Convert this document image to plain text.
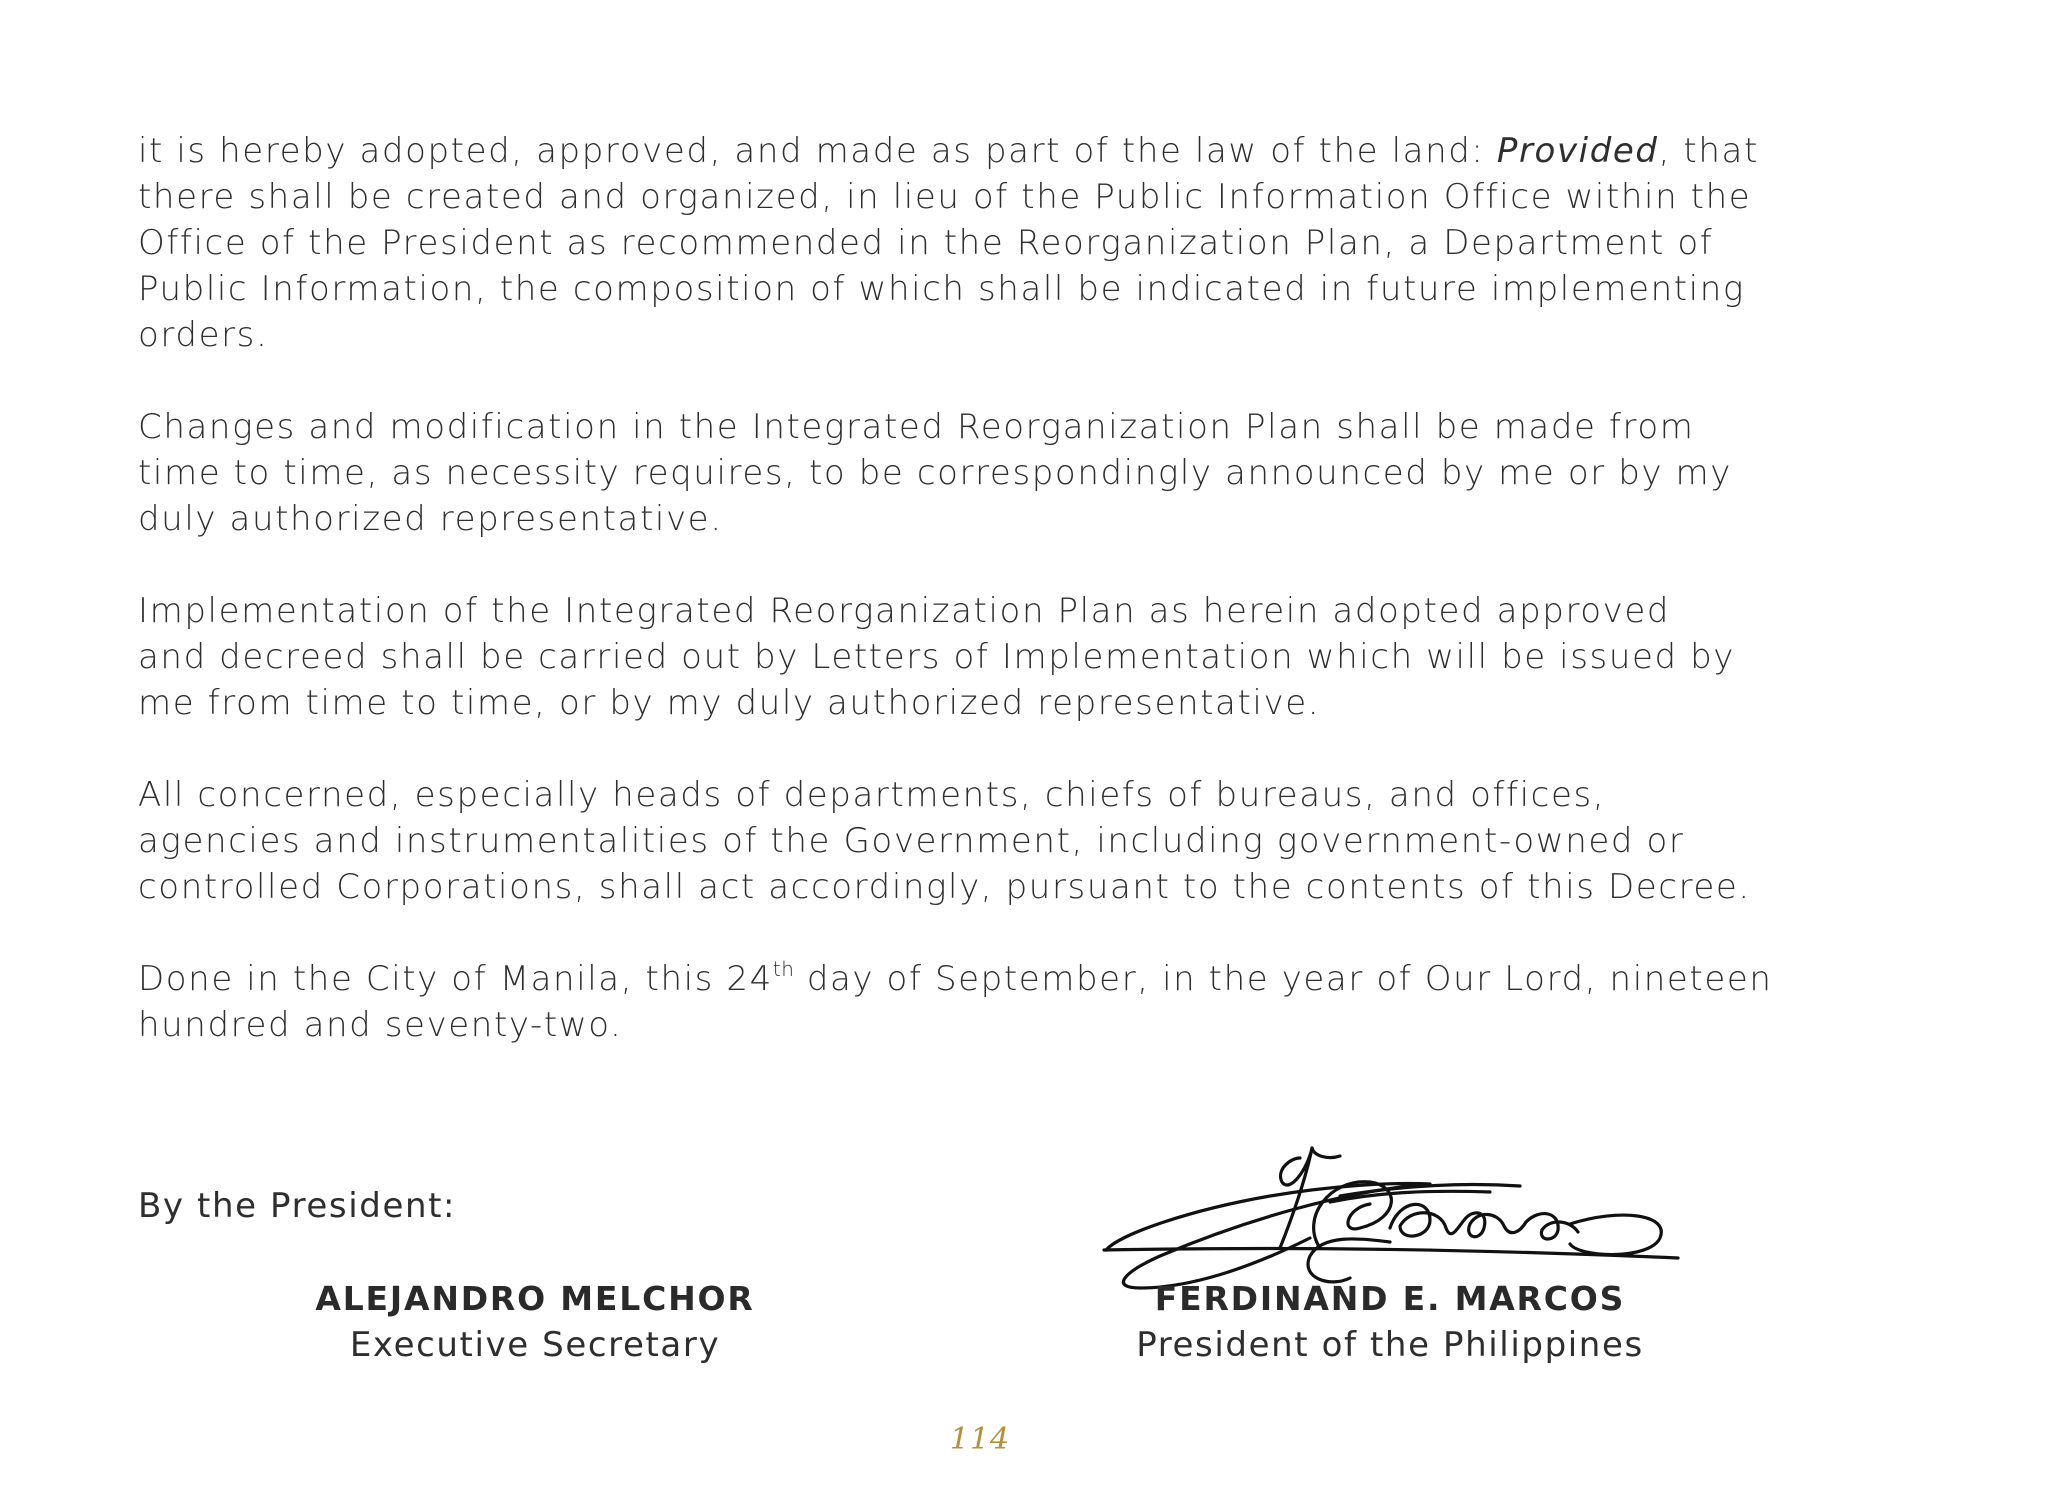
it is hereby adopted, approved, and made as part of the law of the land: Provided, that
there shall be created and organized, in lieu of the Public Information Office within the
Office of the President as recommended in the Reorganization Plan, a Department of
Public Information, the composition of which shall be indicated in future implementing
orders.

Changes and modification in the Integrated Reorganization Plan shall be made from
time to time, as necessity requires, to be correspondingly announced by me or by my
duly authorized representative.

Implementation of the Integrated Reorganization Plan as herein adopted approved
and decreed shall be carried out by Letters of Implementation which will be issued by
me from time to time, or by my duly authorized representative.

All concerned, especially heads of departments, chiefs of bureaus, and offices,
agencies and instrumentalities of the Government, including government-owned or
controlled Corporations, shall act accordingly, pursuant to the contents of this Decree.

Done in the City of Manila, this 24th day of September, in the year of Our Lord, nineteen
hundred and seventy-two.

By the President:
ALEJANDRO MELCHOR
Executive Secretary
FERDINAND E. MARCOS
President of the Philippines
114
